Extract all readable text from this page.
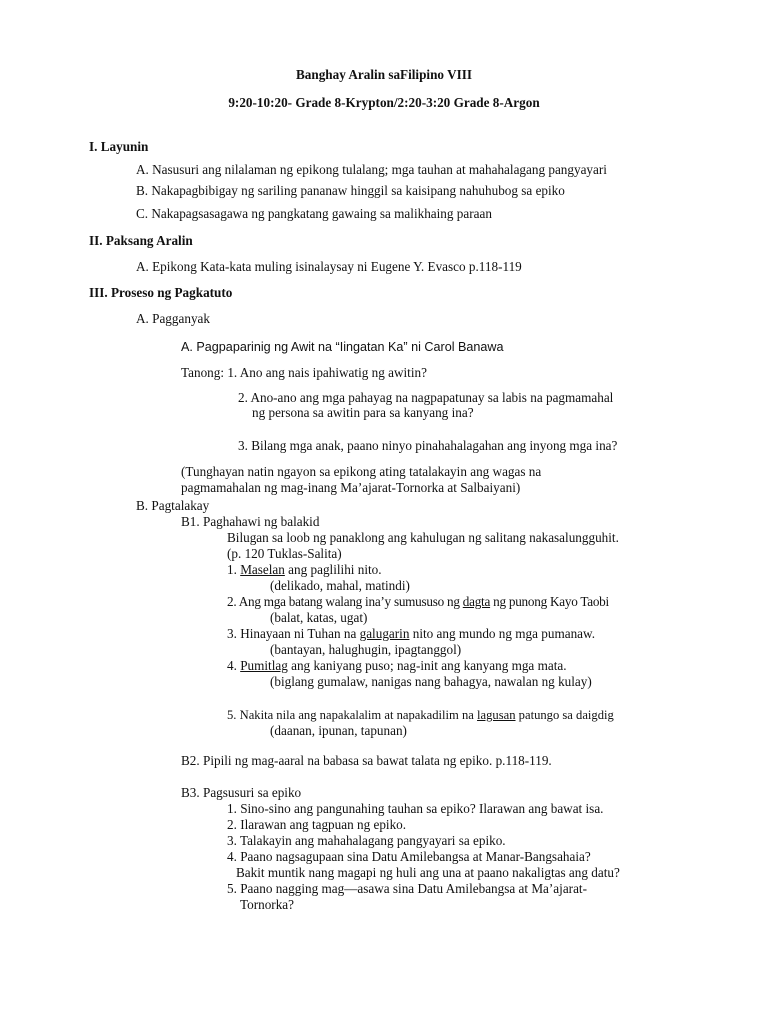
Banghay Aralin saFilipino VIII
9:20-10:20- Grade 8-Krypton/2:20-3:20 Grade 8-Argon
I. Layunin
A. Nasusuri ang nilalaman ng epikong tulalang; mga tauhan at mahahalagang pangyayari
B. Nakapagbibigay ng sariling pananaw hinggil sa kaisipang nahuhubog sa epiko
C. Nakapagsasagawa ng pangkatang gawaing sa malikhaing paraan
II. Paksang Aralin
A. Epikong Kata-kata muling isinalaysay ni Eugene Y. Evasco p.118-119
III. Proseso ng Pagkatuto
A. Pagganyak
A. Pagpaparinig ng Awit na “Iingatan Ka” ni Carol Banawa
Tanong: 1. Ano ang nais ipahiwatig ng awitin?
2. Ano-ano ang mga pahayag na nagpapatunay sa labis na pagmamahal
ng persona sa awitin para sa kanyang ina?
3. Bilang mga anak, paano ninyo pinahahalagahan ang inyong mga ina?
(Tunghayan natin ngayon sa epikong ating tatalakayin ang wagas na
pagmamahalan ng mag-inang Ma’ajarat-Tornorka at Salbaiyani)
B. Pagtalakay
B1. Paghahawi ng balakid
Bilugan sa loob ng panaklong ang kahulugan ng salitang nakasalungguhit.
(p. 120 Tuklas-Salita)
1. Maselan ang paglilihi nito.
(delikado, mahal, matindi)
2. Ang mga batang walang ina’y sumususo ng dagta ng punong Kayo Taobi
(balat, katas, ugat)
3. Hinayaan ni Tuhan na galugarin nito ang mundo ng mga pumanaw.
(bantayan, halughugin, ipagtanggol)
4. Pumitlag ang kaniyang puso; nag-init ang kanyang mga mata.
(biglang gumalaw, nanigas nang bahagya, nawalan ng kulay)
5. Nakita nila ang napakalalim at napakadilim na lagusan patungo sa daigdig
(daanan, ipunan, tapunan)
B2. Pipili ng mag-aaral na babasa sa bawat talata ng epiko. p.118-119.
B3. Pagsusuri sa epiko
1. Sino-sino ang pangunahing tauhan sa epiko? Ilarawan ang bawat isa.
2. Ilarawan ang tagpuan ng epiko.
3. Talakayin ang mahahalagang pangyayari sa epiko.
4. Paano nagsagupaan sina Datu Amilebangsa at Manar-Bangsahaia?
Bakit muntik nang magapi ng huli ang una at paano nakaligtas ang datu?
5. Paano nagging mag—asawa sina Datu Amilebangsa at Ma’ajarat-
Tornorka?
